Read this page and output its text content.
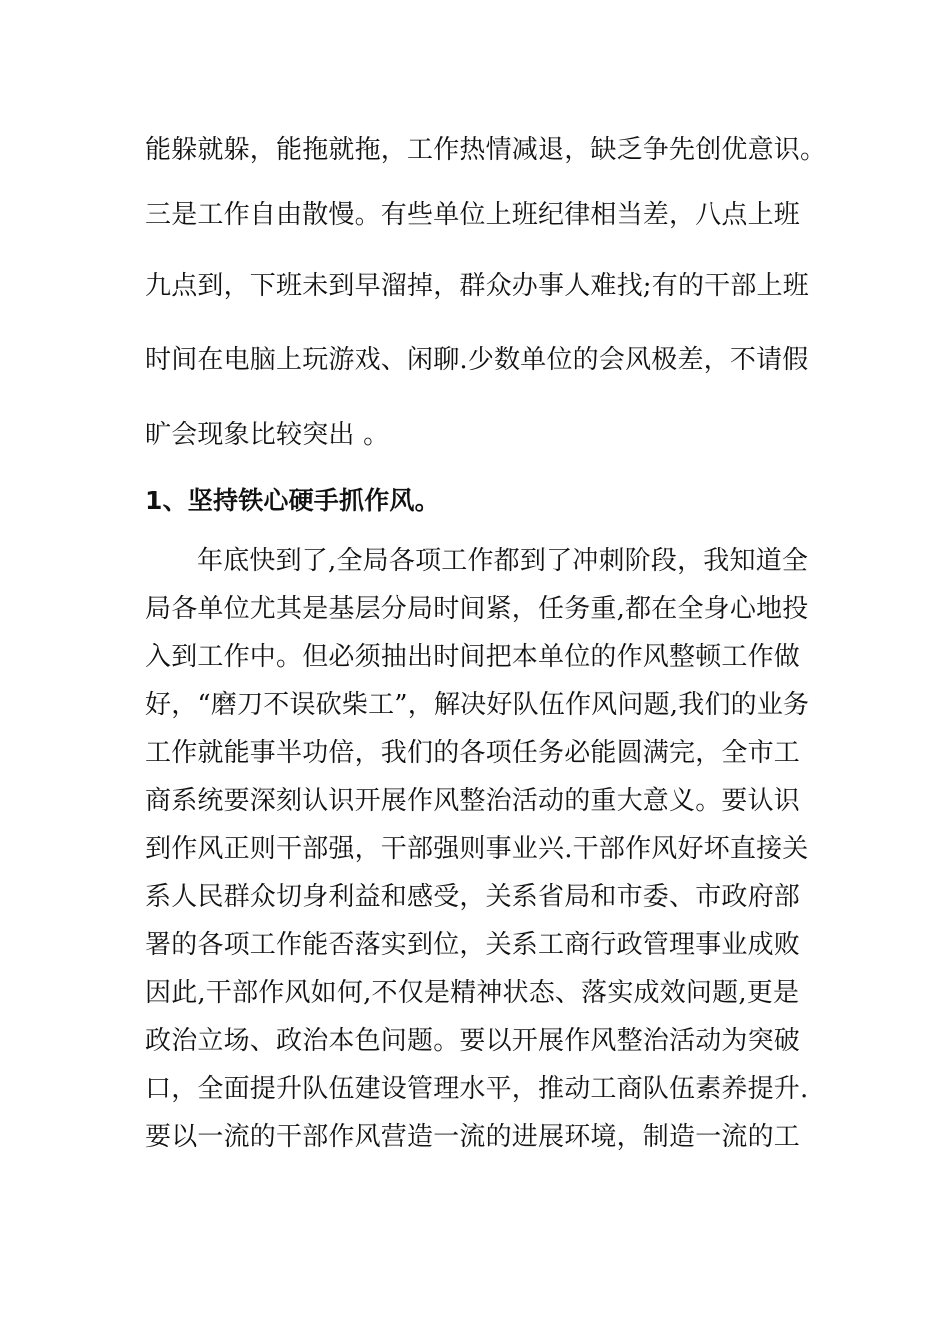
能躲就躲，能拖就拖，工作热情减退，缺乏争先创优意识。
三是工作自由散慢。有些单位上班纪律相当差，八点上班
九点到，下班未到早溜掉，群众办事人难找;有的干部上班
时间在电脑上玩游戏、闲聊.少数单位的会风极差，不请假
旷会现象比较突出 。
1、坚持铁心硬手抓作风。
年底快到了,全局各项工作都到了冲刺阶段，我知道全
局各单位尤其是基层分局时间紧，任务重,都在全身心地投
入到工作中。但必须抽出时间把本单位的作风整顿工作做
好，“磨刀不误砍柴工”，解决好队伍作风问题,我们的业务
工作就能事半功倍，我们的各项任务必能圆满完，全市工
商系统要深刻认识开展作风整治活动的重大意义。要认识
到作风正则干部强，干部强则事业兴.干部作风好坏直接关
系人民群众切身利益和感受，关系省局和市委、市政府部
署的各项工作能否落实到位，关系工商行政管理事业成败
因此,干部作风如何,不仅是精神状态、落实成效问题,更是
政治立场、政治本色问题。要以开展作风整治活动为突破
口，全面提升队伍建设管理水平，推动工商队伍素养提升.
要以一流的干部作风营造一流的进展环境，制造一流的工
